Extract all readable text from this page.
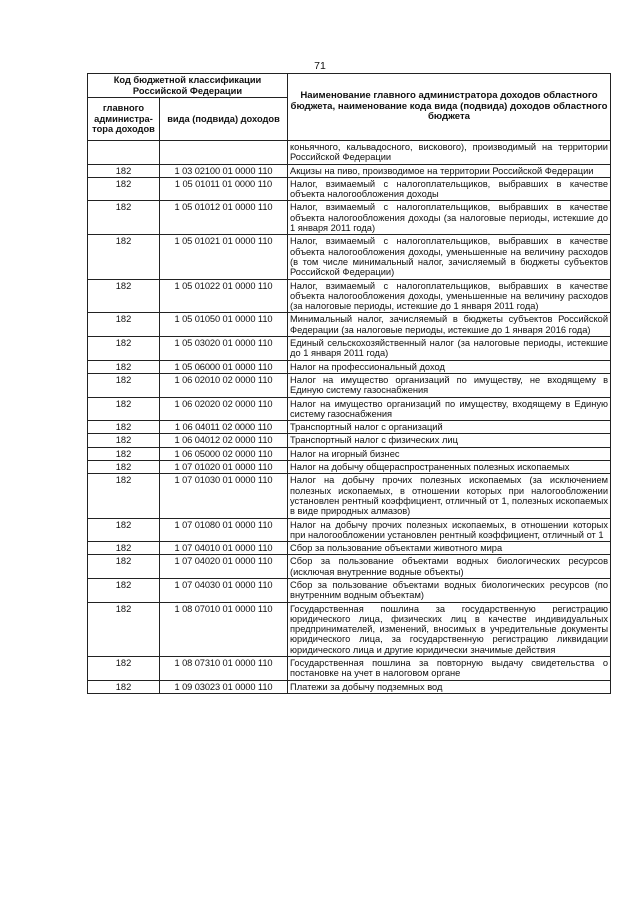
71
Код бюджетной классификации Российской Федерации		Наименование главного администратора доходов областного бюджета, наименование кода вида (подвида) доходов областного бюджета
главного администра-тора доходов	вида (подвида) доходов	
		коньячного, кальвадосного, вискового), производимый на территории Российской Федерации
182	1 03 02100 01 0000 110	Акцизы на пиво, производимое на территории Российской Федерации
182	1 05 01011 01 0000 110	Налог, взимаемый с налогоплательщиков, выбравших в качестве объекта налогообложения доходы
182	1 05 01012 01 0000 110	Налог, взимаемый с налогоплательщиков, выбравших в качестве объекта налогообложения доходы (за налоговые периоды, истекшие до 1 января 2011 года)
182	1 05 01021 01 0000 110	Налог, взимаемый с налогоплательщиков, выбравших в качестве объекта налогообложения доходы, уменьшенные на величину расходов (в том числе минимальный налог, зачисляемый в бюджеты субъектов Российской Федерации)
182	1 05 01022 01 0000 110	Налог, взимаемый с налогоплательщиков, выбравших в качестве объекта налогообложения доходы, уменьшенные на величину расходов (за налоговые периоды, истекшие до 1 января 2011 года)
182	1 05 01050 01 0000 110	Минимальный налог, зачисляемый в бюджеты субъектов Российской Федерации (за налоговые периоды, истекшие до 1 января 2016 года)
182	1 05 03020 01 0000 110	Единый сельскохозяйственный налог (за налоговые периоды, истекшие до 1 января 2011 года)
182	1 05 06000 01 0000 110	Налог на профессиональный доход
182	1 06 02010 02 0000 110	Налог на имущество организаций по имуществу, не входящему в Единую систему газоснабжения
182	1 06 02020 02 0000 110	Налог на имущество организаций по имуществу, входящему в Единую систему газоснабжения
182	1 06 04011 02 0000 110	Транспортный налог с организаций
182	1 06 04012 02 0000 110	Транспортный налог с физических лиц
182	1 06 05000 02 0000 110	Налог на игорный бизнес
182	1 07 01020 01 0000 110	Налог на добычу общераспространенных полезных ископаемых
182	1 07 01030 01 0000 110	Налог на добычу прочих полезных ископаемых (за исключением полезных ископаемых, в отношении которых при налогообложении установлен рентный коэффициент, отличный от 1, полезных ископаемых в виде природных алмазов)
182	1 07 01080 01 0000 110	Налог на добычу прочих полезных ископаемых, в отношении которых при налогообложении установлен рентный коэффициент, отличный от 1
182	1 07 04010 01 0000 110	Сбор за пользование объектами животного мира
182	1 07 04020 01 0000 110	Сбор за пользование объектами водных биологических ресурсов (исключая внутренние водные объекты)
182	1 07 04030 01 0000 110	Сбор за пользование объектами водных биологических ресурсов (по внутренним водным объектам)
182	1 08 07010 01 0000 110	Государственная пошлина за государственную регистрацию юридического лица, физических лиц в качестве индивидуальных предпринимателей, изменений, вносимых в учредительные документы юридического лица, за государственную регистрацию ликвидации юридического лица и другие юридически значимые действия
182	1 08 07310 01 0000 110	Государственная пошлина за повторную выдачу свидетельства о постановке на учет в налоговом органе
182	1 09 03023 01 0000 110	Платежи за добычу подземных вод
